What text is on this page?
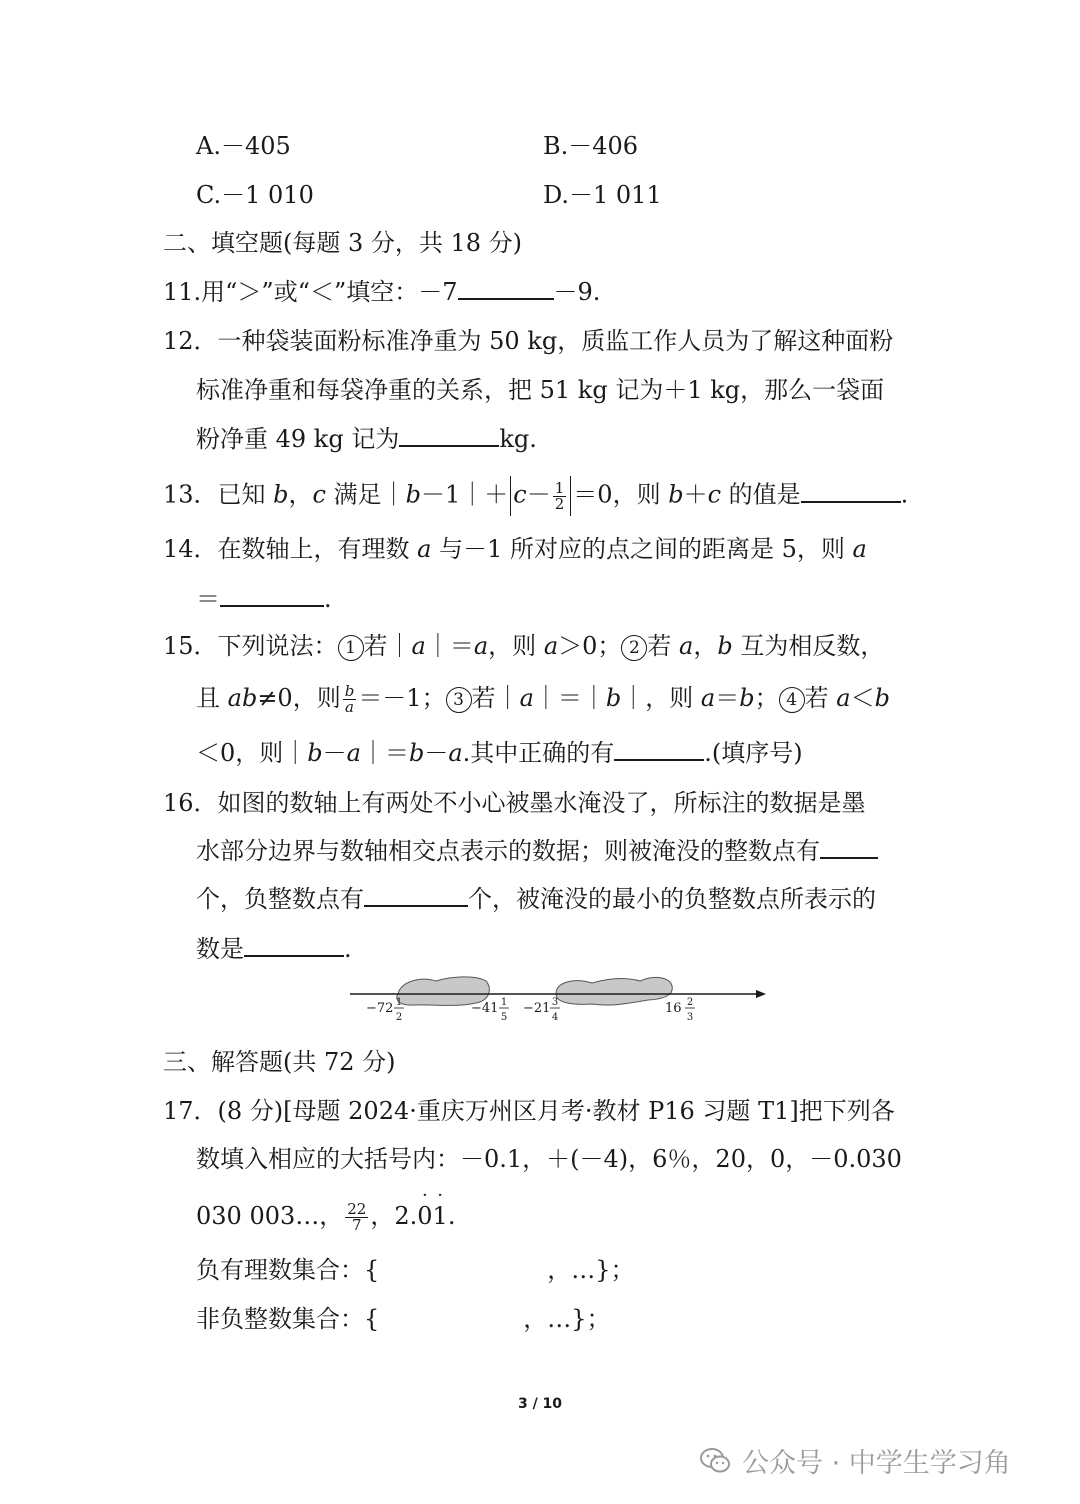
A.－405	B.－406
C.－1 010	D.－1 011
二、填空题(每题 3 分，共 18 分)
11.用“＞”或“＜”填空：－7	－9.
12．一种袋装面粉标准净重为 50 kg，质监工作人员为了解这种面粉
标准净重和每袋净重的关系，把 51 kg 记为＋1 kg，那么一袋面
粉净重 49 kg 记为	kg.
13．已知 b，c 满足｜b－1｜＋ $c- \frac{1}{2} =0$，则 b＋c 的值是	.
14．在数轴上，有理数 a 与－1 所对应的点之间的距离是 5，则 a
＝	.
15．下列说法： 1 若｜a｜＝a，则 a＞0； 2 若 a，b 互为相反数，
且 ab≠0，则 $\frac{b}{a} =-1$； 3 若｜a｜＝｜b｜，则 a＝b； 4 若 a＜b
＜0，则｜b－a｜＝b－a.其中正确的有	.(填序号)
16．如图的数轴上有两处不小心被墨水淹没了，所标注的数据是墨
水部分边界与数轴相交点表示的数据；则被淹没的整数点有
个，负整数点有	个，被淹没的最小的负整数点所表示的
数是	.
−72 1
2
−41 1
5
−21 3
4
16 2
3
三、解答题(共 72 分)
17．(8 分)[母题 2024·重庆万州区月考·教材 P16 习题 T1]把下列各
数填入相应的大括号内：－0.1，＋(－4)，6％，20，0，－0.030
030 003…， $\frac{22}{7}$ ，2.· 0· 1.
负有理数集合：{　　　　　　　，…}；
非负整数集合：{　　　　　　，…}；
3 / 10
公众号 · 中学生学习角
